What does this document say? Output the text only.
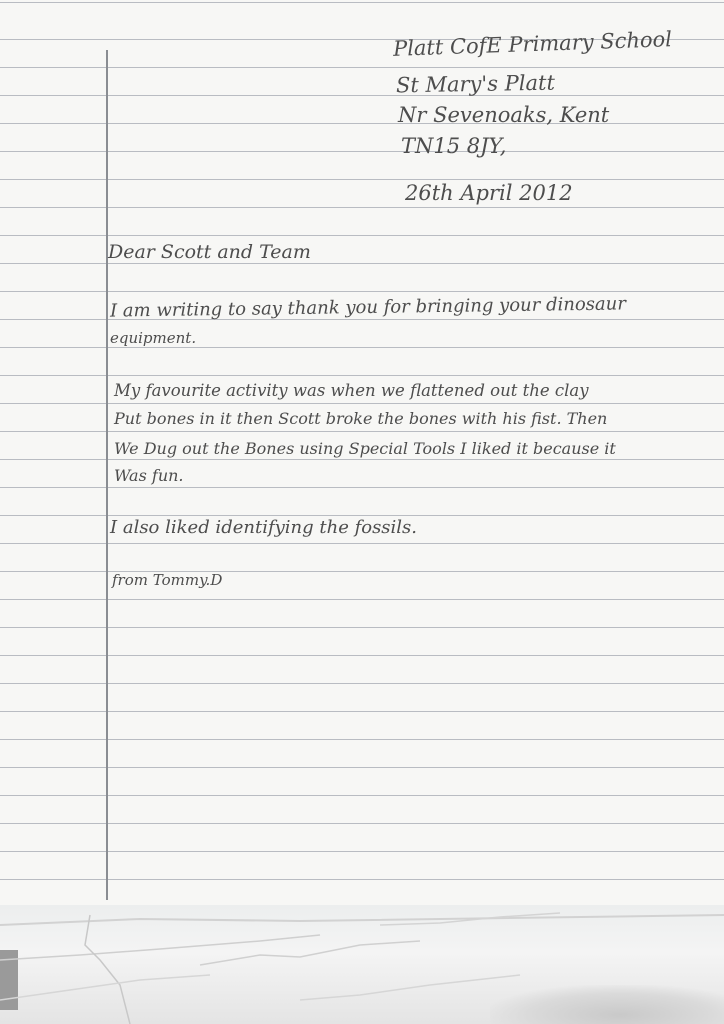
Platt CofE Primary School
St Mary's Platt
Nr Sevenoaks, Kent
TN15 8JY,
26th April 2012
Dear Scott and Team
I am writing to say thank you for bringing your dinosaur
equipment.
My favourite activity was when we flattened out the clay
Put bones in it then Scott broke the bones with his fist. Then
We Dug out the Bones using Special Tools I liked it because it
Was fun.
I also liked identifying the fossils.
from Tommy.D
